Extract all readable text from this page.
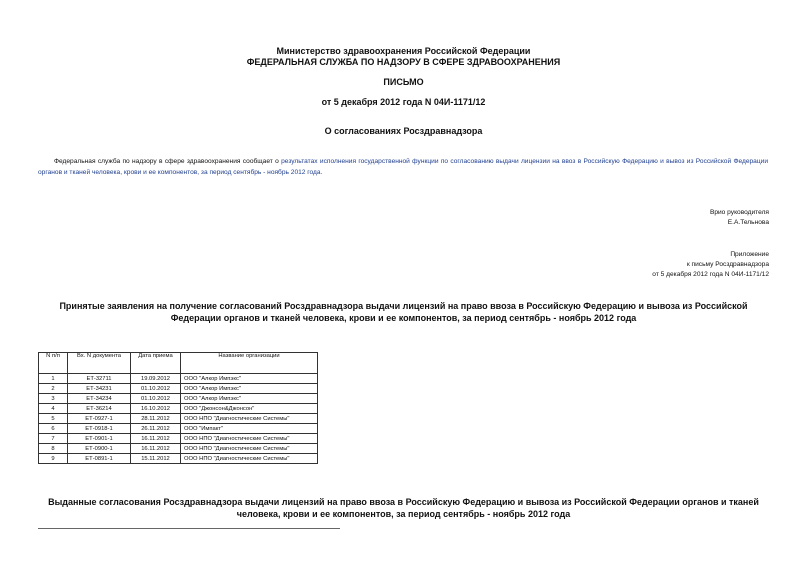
Министерство здравоохранения Российской Федерации
ФЕДЕРАЛЬНАЯ СЛУЖБА ПО НАДЗОРУ В СФЕРЕ ЗДРАВООХРАНЕНИЯ
ПИСЬМО
от 5 декабря 2012 года N 04И-1171/12
О согласованиях Росздравнадзора
Федеральная служба по надзору в сфере здравоохранения сообщает о результатах исполнения государственной функции по согласованию выдачи лицензии на ввоз в Российскую Федерацию и вывоз из Российской Федерации органов и тканей человека, крови и ее компонентов, за период сентябрь - ноябрь 2012 года.
Врио руководителя
Е.А.Тельнова
Приложение
к письму Росздравнадзора
от 5 декабря 2012 года N 04И-1171/12
Принятые заявления на получение согласований Росздравнадзора выдачи лицензий на право ввоза в Российскую Федерацию и вывоза из Российской Федерации органов и тканей человека, крови и ее компонентов, за период сентябрь - ноябрь 2012 года
N п/п	Вх. N документа	Дата приема	Название организации
1	ЕТ-32711	19.09.2012	ООО "Алкор Импэкс"
2	ЕТ-34231	01.10.2012	ООО "Алкор Импэкс"
3	ЕТ-34234	01.10.2012	ООО "Алкор Импэкс"
4	ЕТ-36214	16.10.2012	ООО "Джонсон&Джонсон"
5	ЕТ-0927-1	28.11.2012	ООО НПО "Диагностические Системы"
6	ЕТ-0918-1	26.11.2012	ООО "Импакт"
7	ЕТ-0901-1	16.11.2012	ООО НПО "Диагностические Системы"
8	ЕТ-0900-1	16.11.2012	ООО НПО "Диагностические Системы"
9	ЕТ-0891-1	15.11.2012	ООО НПО "Диагностические Системы"
Выданные согласования Росздравнадзора выдачи лицензий на право ввоза в Российскую Федерацию и вывоза из Российской Федерации органов и тканей человека, крови и ее компонентов, за период сентябрь - ноябрь 2012 года
